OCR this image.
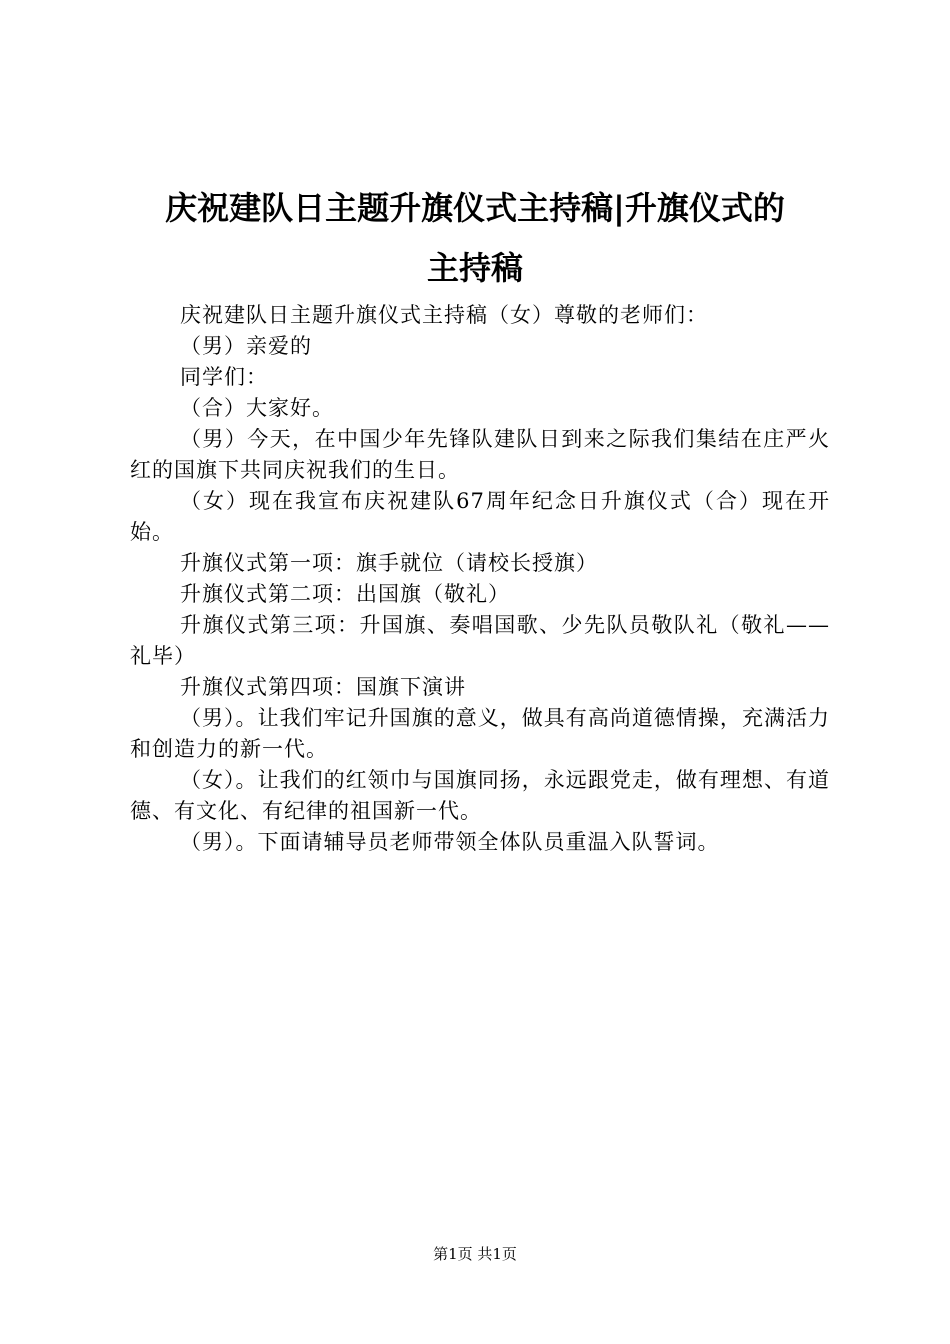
庆祝建队日主题升旗仪式主持稿|升旗仪式的
主持稿

庆祝建队日主题升旗仪式主持稿（女）尊敬的老师们：

（男）亲爱的

同学们：

（合）大家好。

（男）今天，在中国少年先锋队建队日到来之际我们集结在庄严火红的国旗下共同庆祝我们的生日。

（女）现在我宣布庆祝建队67周年纪念日升旗仪式（合）现在开始。

升旗仪式第一项：旗手就位（请校长授旗）

升旗仪式第二项：出国旗（敬礼）

升旗仪式第三项：升国旗、奏唱国歌、少先队员敬队礼（敬礼——礼毕）

升旗仪式第四项：国旗下演讲

（男）。让我们牢记升国旗的意义，做具有高尚道德情操，充满活力和创造力的新一代。

（女）。让我们的红领巾与国旗同扬，永远跟党走，做有理想、有道德、有文化、有纪律的祖国新一代。

（男）。下面请辅导员老师带领全体队员重温入队誓词。

第1页 共1页
